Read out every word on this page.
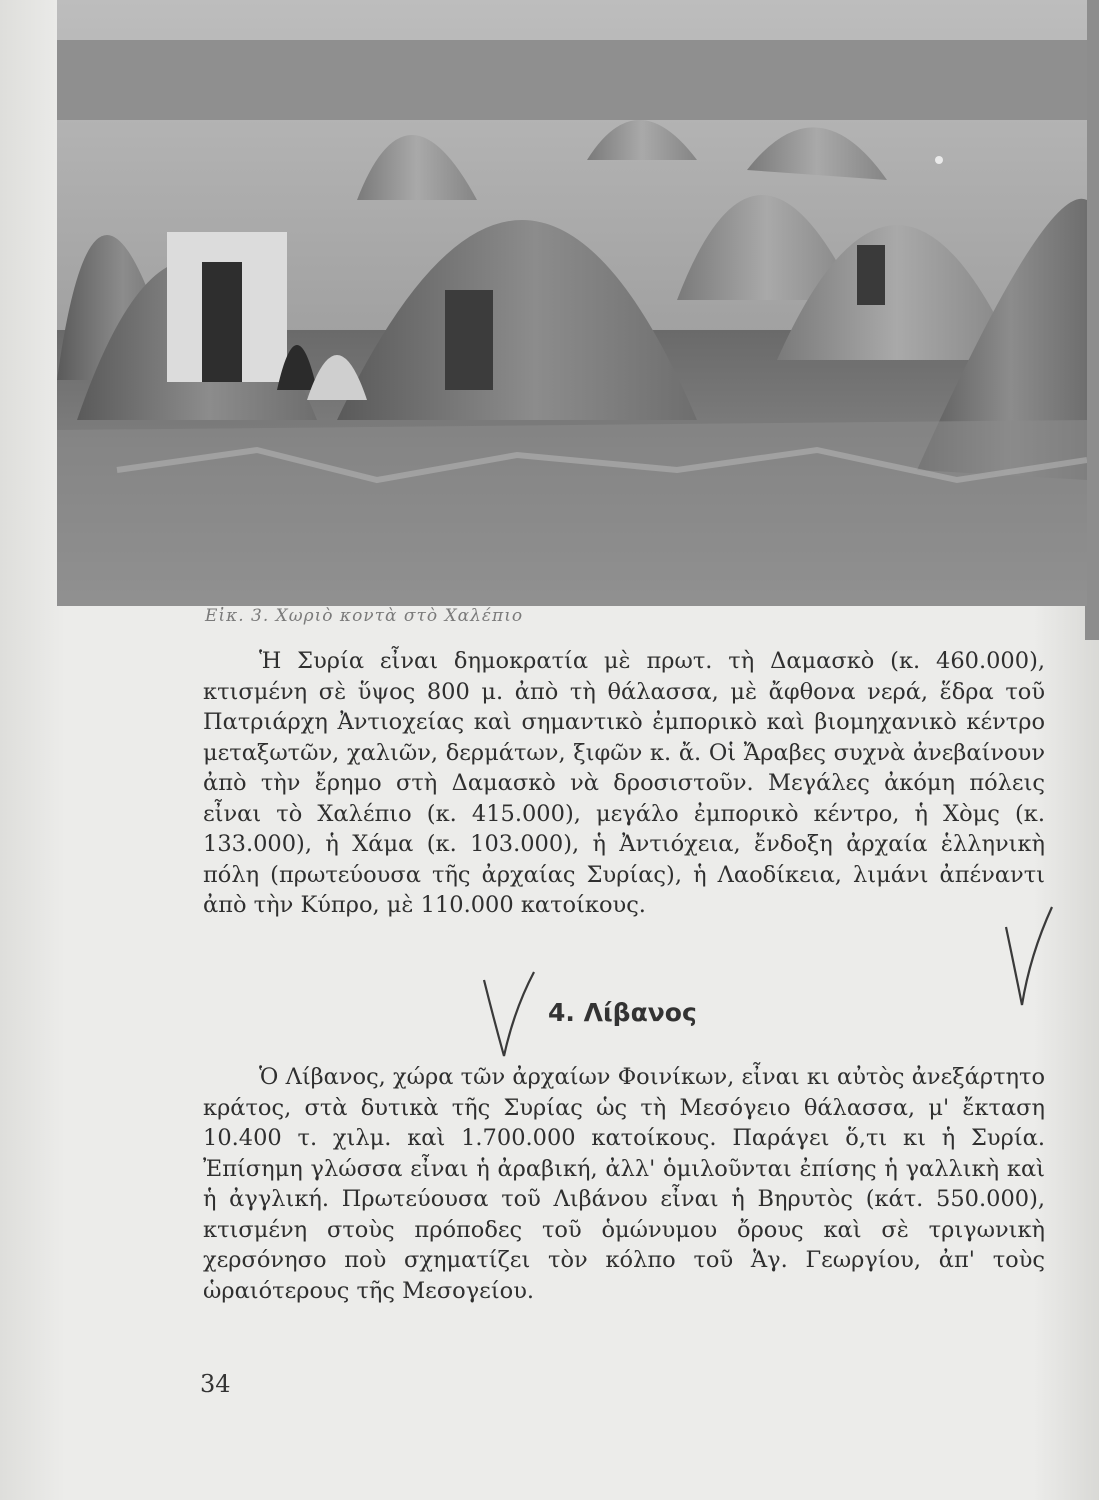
Εἰκ. 3. Χωριὸ κοντὰ στὸ Χαλέπιο

Ἡ Συρία εἶναι δημοκρατία μὲ πρωτ. τὴ Δαμασκὸ (κ. 460.000), κτισμένη σὲ ὕψος 800 μ. ἀπὸ τὴ θάλασσα, μὲ ἄφθονα νερά, ἕδρα τοῦ Πατριάρχη Ἀντιοχείας καὶ σημαντικὸ ἐμπορικὸ καὶ βιομηχανικὸ κέντρο μεταξωτῶν, χαλιῶν, δερμάτων, ξιφῶν κ. ἄ. Οἱ Ἄραβες συχνὰ ἀνεβαίνουν ἀπὸ τὴν ἔρημο στὴ Δαμασκὸ νὰ δροσιστοῦν. Μεγάλες ἀκόμη πόλεις εἶναι τὸ Χαλέπιο (κ. 415.000), μεγάλο ἐμπορικὸ κέντρο, ἡ Χὸμς (κ. 133.000), ἡ Χάμα (κ. 103.000), ἡ Ἀντιόχεια, ἔνδοξη ἀρχαία ἑλληνικὴ πόλη (πρωτεύουσα τῆς ἀρχαίας Συρίας), ἡ Λαοδίκεια, λιμάνι ἀπέναντι ἀπὸ τὴν Κύπρο, μὲ 110.000 κατοίκους.

4. Λίβανος

Ὁ Λίβανος, χώρα τῶν ἀρχαίων Φοινίκων, εἶναι κι αὐτὸς ἀνεξάρτητο κράτος, στὰ δυτικὰ τῆς Συρίας ὡς τὴ Μεσόγειο θάλασσα, μ' ἔκταση 10.400 τ. χιλμ. καὶ 1.700.000 κατοίκους. Παράγει ὅ,τι κι ἡ Συρία. Ἐπίσημη γλώσσα εἶναι ἡ ἀραβική, ἀλλ' ὁμιλοῦνται ἐπίσης ἡ γαλλικὴ καὶ ἡ ἀγγλική. Πρωτεύουσα τοῦ Λιβάνου εἶναι ἡ Βηρυτὸς (κάτ. 550.000), κτισμένη στοὺς πρόποδες τοῦ ὁμώνυμου ὄρους καὶ σὲ τριγωνικὴ χερσόνησο ποὺ σχηματίζει τὸν κόλπο τοῦ Ἁγ. Γεωργίου, ἀπ' τοὺς ὡραιότερους τῆς Μεσογείου.

34
